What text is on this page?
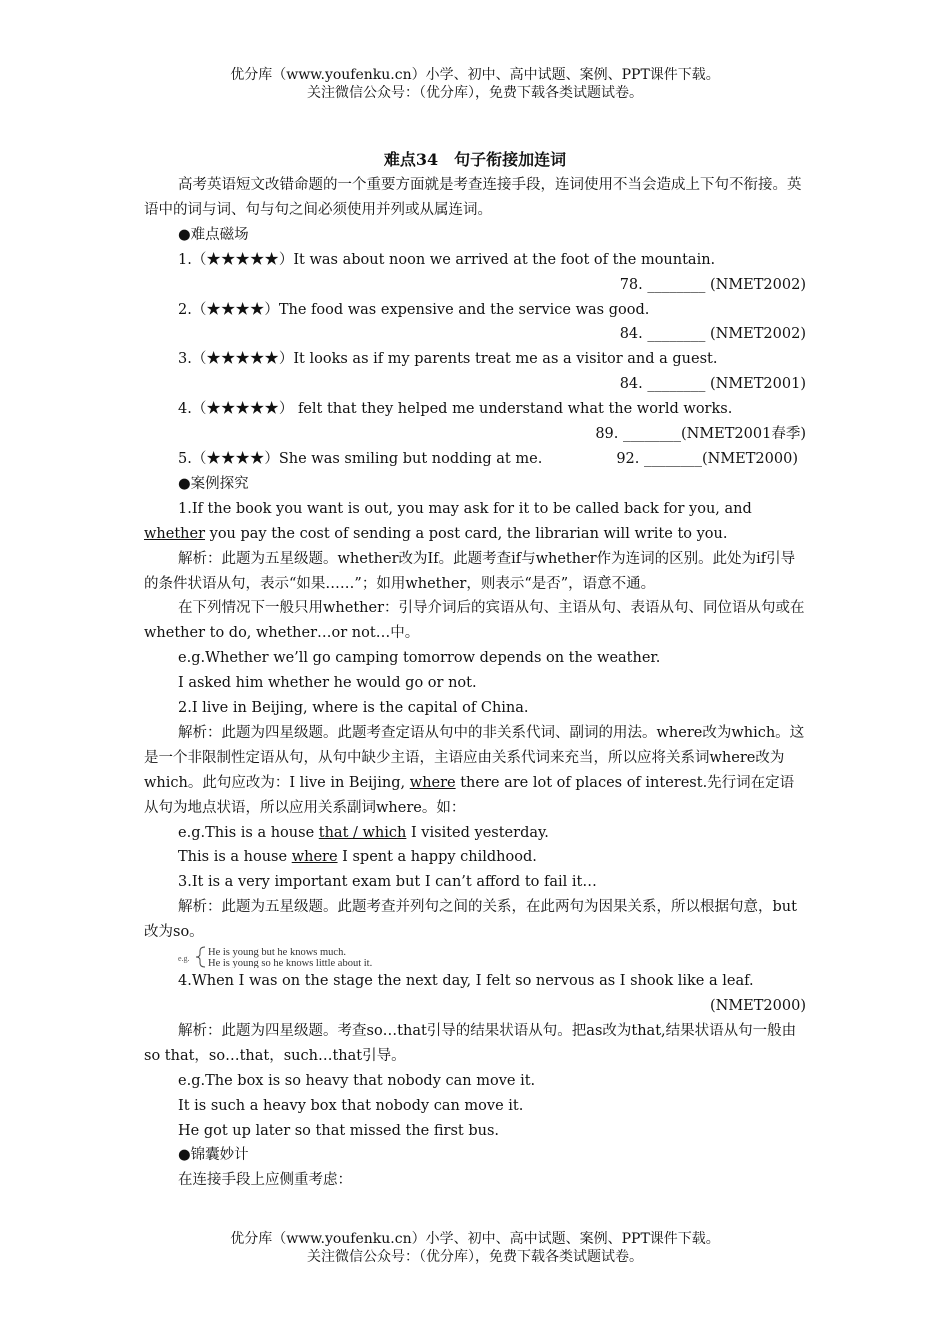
优分库（www.youfenku.cn）小学、初中、高中试题、案例、PPT课件下载。
关注微信公众号：（优分库），免费下载各类试题试卷。

难点34　句子衔接加连词

高考英语短文改错命题的一个重要方面就是考查连接手段，连词使用不当会造成上下句不衔接。英语中的词与词、句与句之间必须使用并列或从属连词。

●难点磁场

1.（★★★★★）It was about noon we arrived at the foot of the mountain.

78. ________ (NMET2002)

2.（★★★★）The food was expensive and the service was good.

84. ________ (NMET2002)

3.（★★★★★）It looks as if my parents treat me as a visitor and a guest.

84. ________ (NMET2001)

4.（★★★★★） felt that they helped me understand what the world works.

89. ________(NMET2001春季)

5.（★★★★）She was smiling but nodding at me.	92. ________(NMET2000)

●案例探究

1.If the book you want is out, you may ask for it to be called back for you, and whether you pay the cost of sending a post card, the librarian will write to you.

解析：此题为五星级题。whether改为If。此题考查if与whether作为连词的区别。此处为if引导的条件状语从句，表示“如果……”；如用whether，则表示“是否”，语意不通。

在下列情况下一般只用whether：引导介词后的宾语从句、主语从句、表语从句、同位语从句或在whether to do, whether…or not…中。

e.g.Whether we’ll go camping tomorrow depends on the weather.

I asked him whether he would go or not.

2.I live in Beijing, where is the capital of China.

解析：此题为四星级题。此题考查定语从句中的非关系代词、副词的用法。where改为which。这是一个非限制性定语从句，从句中缺少主语，主语应由关系代词来充当，所以应将关系词where改为which。此句应改为：I live in Beijing, where there are lot of places of interest.先行词在定语从句为地点状语，所以应用关系副词where。如：

e.g.This is a house that / which I visited yesterday.

This is a house where I spent a happy childhood.

3.It is a very important exam but I can’t afford to fail it…

解析：此题为五星级题。此题考查并列句之间的关系，在此两句为因果关系，所以根据句意，but改为so。

e.g.
He is young but he knows much.
He is young so he knows little about it.

4.When I was on the stage the next day, I felt so nervous as I shook like a leaf.

(NMET2000)

解析：此题为四星级题。考查so…that引导的结果状语从句。把as改为that,结果状语从句一般由so that，so…that，such…that引导。

e.g.The box is so heavy that nobody can move it.

It is such a heavy box that nobody can move it.

He got up later so that missed the first bus.

●锦囊妙计

在连接手段上应侧重考虑：

优分库（www.youfenku.cn）小学、初中、高中试题、案例、PPT课件下载。
关注微信公众号：（优分库），免费下载各类试题试卷。
